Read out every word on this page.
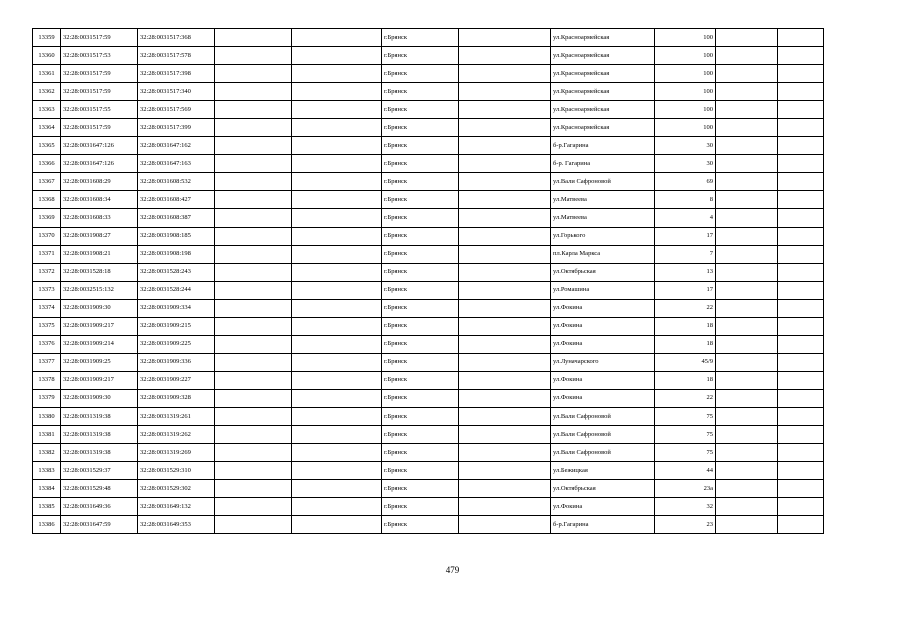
13359	32:28:0031517:59	32:28:0031517:368			г.Брянск		ул.Красноармейская	100		
13360	32:28:0031517:53	32:28:0031517:578			г.Брянск		ул.Красноармейская	100		
13361	32:28:0031517:59	32:28:0031517:398			г.Брянск		ул.Красноармейская	100		
13362	32:28:0031517:59	32:28:0031517:340			г.Брянск		ул.Красноармейская	100		
13363	32:28:0031517:55	32:28:0031517:569			г.Брянск		ул.Красноармейская	100		
13364	32:28:0031517:59	32:28:0031517:399			г.Брянск		ул.Красноармейская	100		
13365	32:28:0031647:126	32:28:0031647:162			г.Брянск		б-р.Гагарина	30		
13366	32:28:0031647:126	32:28:0031647:163			г.Брянск		б-р. Гагарина	30		
13367	32:28:0031608:29	32:28:0031608:532			г.Брянск		ул.Вали Сафроновой	69		
13368	32:28:0031608:34	32:28:0031608:427			г.Брянск		ул.Матвеева	8		
13369	32:28:0031608:33	32:28:0031608:387			г.Брянск		ул.Матвеева	4		
13370	32:28:0031908:27	32:28:0031908:185			г.Брянск		ул.Горького	17		
13371	32:28:0031908:21	32:28:0031908:198			г.Брянск		пл.Карла Маркса	7		
13372	32:28:0031528:18	32:28:0031528:243			г.Брянск		ул.Октябрьская	13		
13373	32:28:0032515:132	32:28:0031528:244			г.Брянск		ул.Ромашина	17		
13374	32:28:0031909:30	32:28:0031909:334			г.Брянск		ул.Фокина	22		
13375	32:28:0031909:217	32:28:0031909:215			г.Брянск		ул.Фокина	18		
13376	32:28:0031909:214	32:28:0031909:225			г.Брянск		ул.Фокина	18		
13377	32:28:0031909:25	32:28:0031909:336			г.Брянск		ул.Луначарского	45/9		
13378	32:28:0031909:217	32:28:0031909:227			г.Брянск		ул.Фокина	18		
13379	32:28:0031909:30	32:28:0031909:328			г.Брянск		ул.Фокина	22		
13380	32:28:0031319:38	32:28:0031319:261			г.Брянск		ул.Вали Сафроновой	75		
13381	32:28:0031319:38	32:28:0031319:262			г.Брянск		ул.Вали Сафроновой	75		
13382	32:28:0031319:38	32:28:0031319:269			г.Брянск		ул.Вали Сафроновой	75		
13383	32:28:0031529:37	32:28:0031529:310			г.Брянск		ул.Бежицкая	44		
13384	32:28:0031529:48	32:28:0031529:302			г.Брянск		ул.Октябрьская	23а		
13385	32:28:0031649:36	32:28:0031649:132			г.Брянск		ул.Фокина	32		
13386	32:28:0031647:59	32:28:0031649:353			г.Брянск		б-р.Гагарина	23		
479
